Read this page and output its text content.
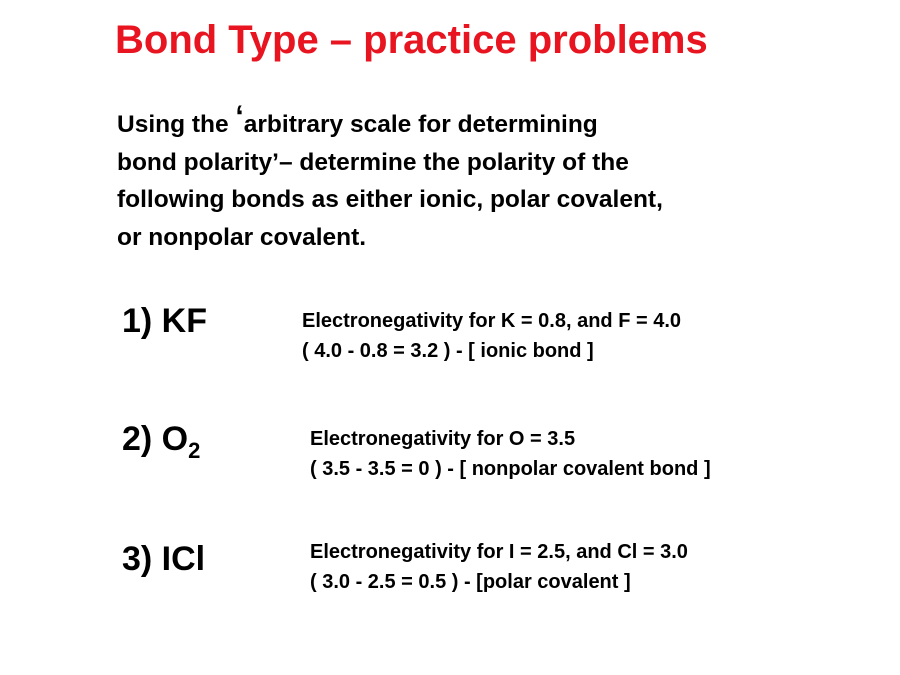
Bond Type – practice problems
Using the ‘arbitrary scale for determining
bond polarity’– determine the polarity of the
following bonds as either ionic, polar covalent,
or nonpolar covalent.
1) KF	Electronegativity for K = 0.8, and F = 4.0
( 4.0 - 0.8 = 3.2 ) - [ ionic bond ]
2) $O_2$	Electronegativity for O = 3.5
( 3.5 - 3.5 = 0 ) - [ nonpolar covalent bond ]
3) ICl	Electronegativity for I = 2.5, and Cl = 3.0
( 3.0 - 2.5 = 0.5 ) - [polar covalent ]
